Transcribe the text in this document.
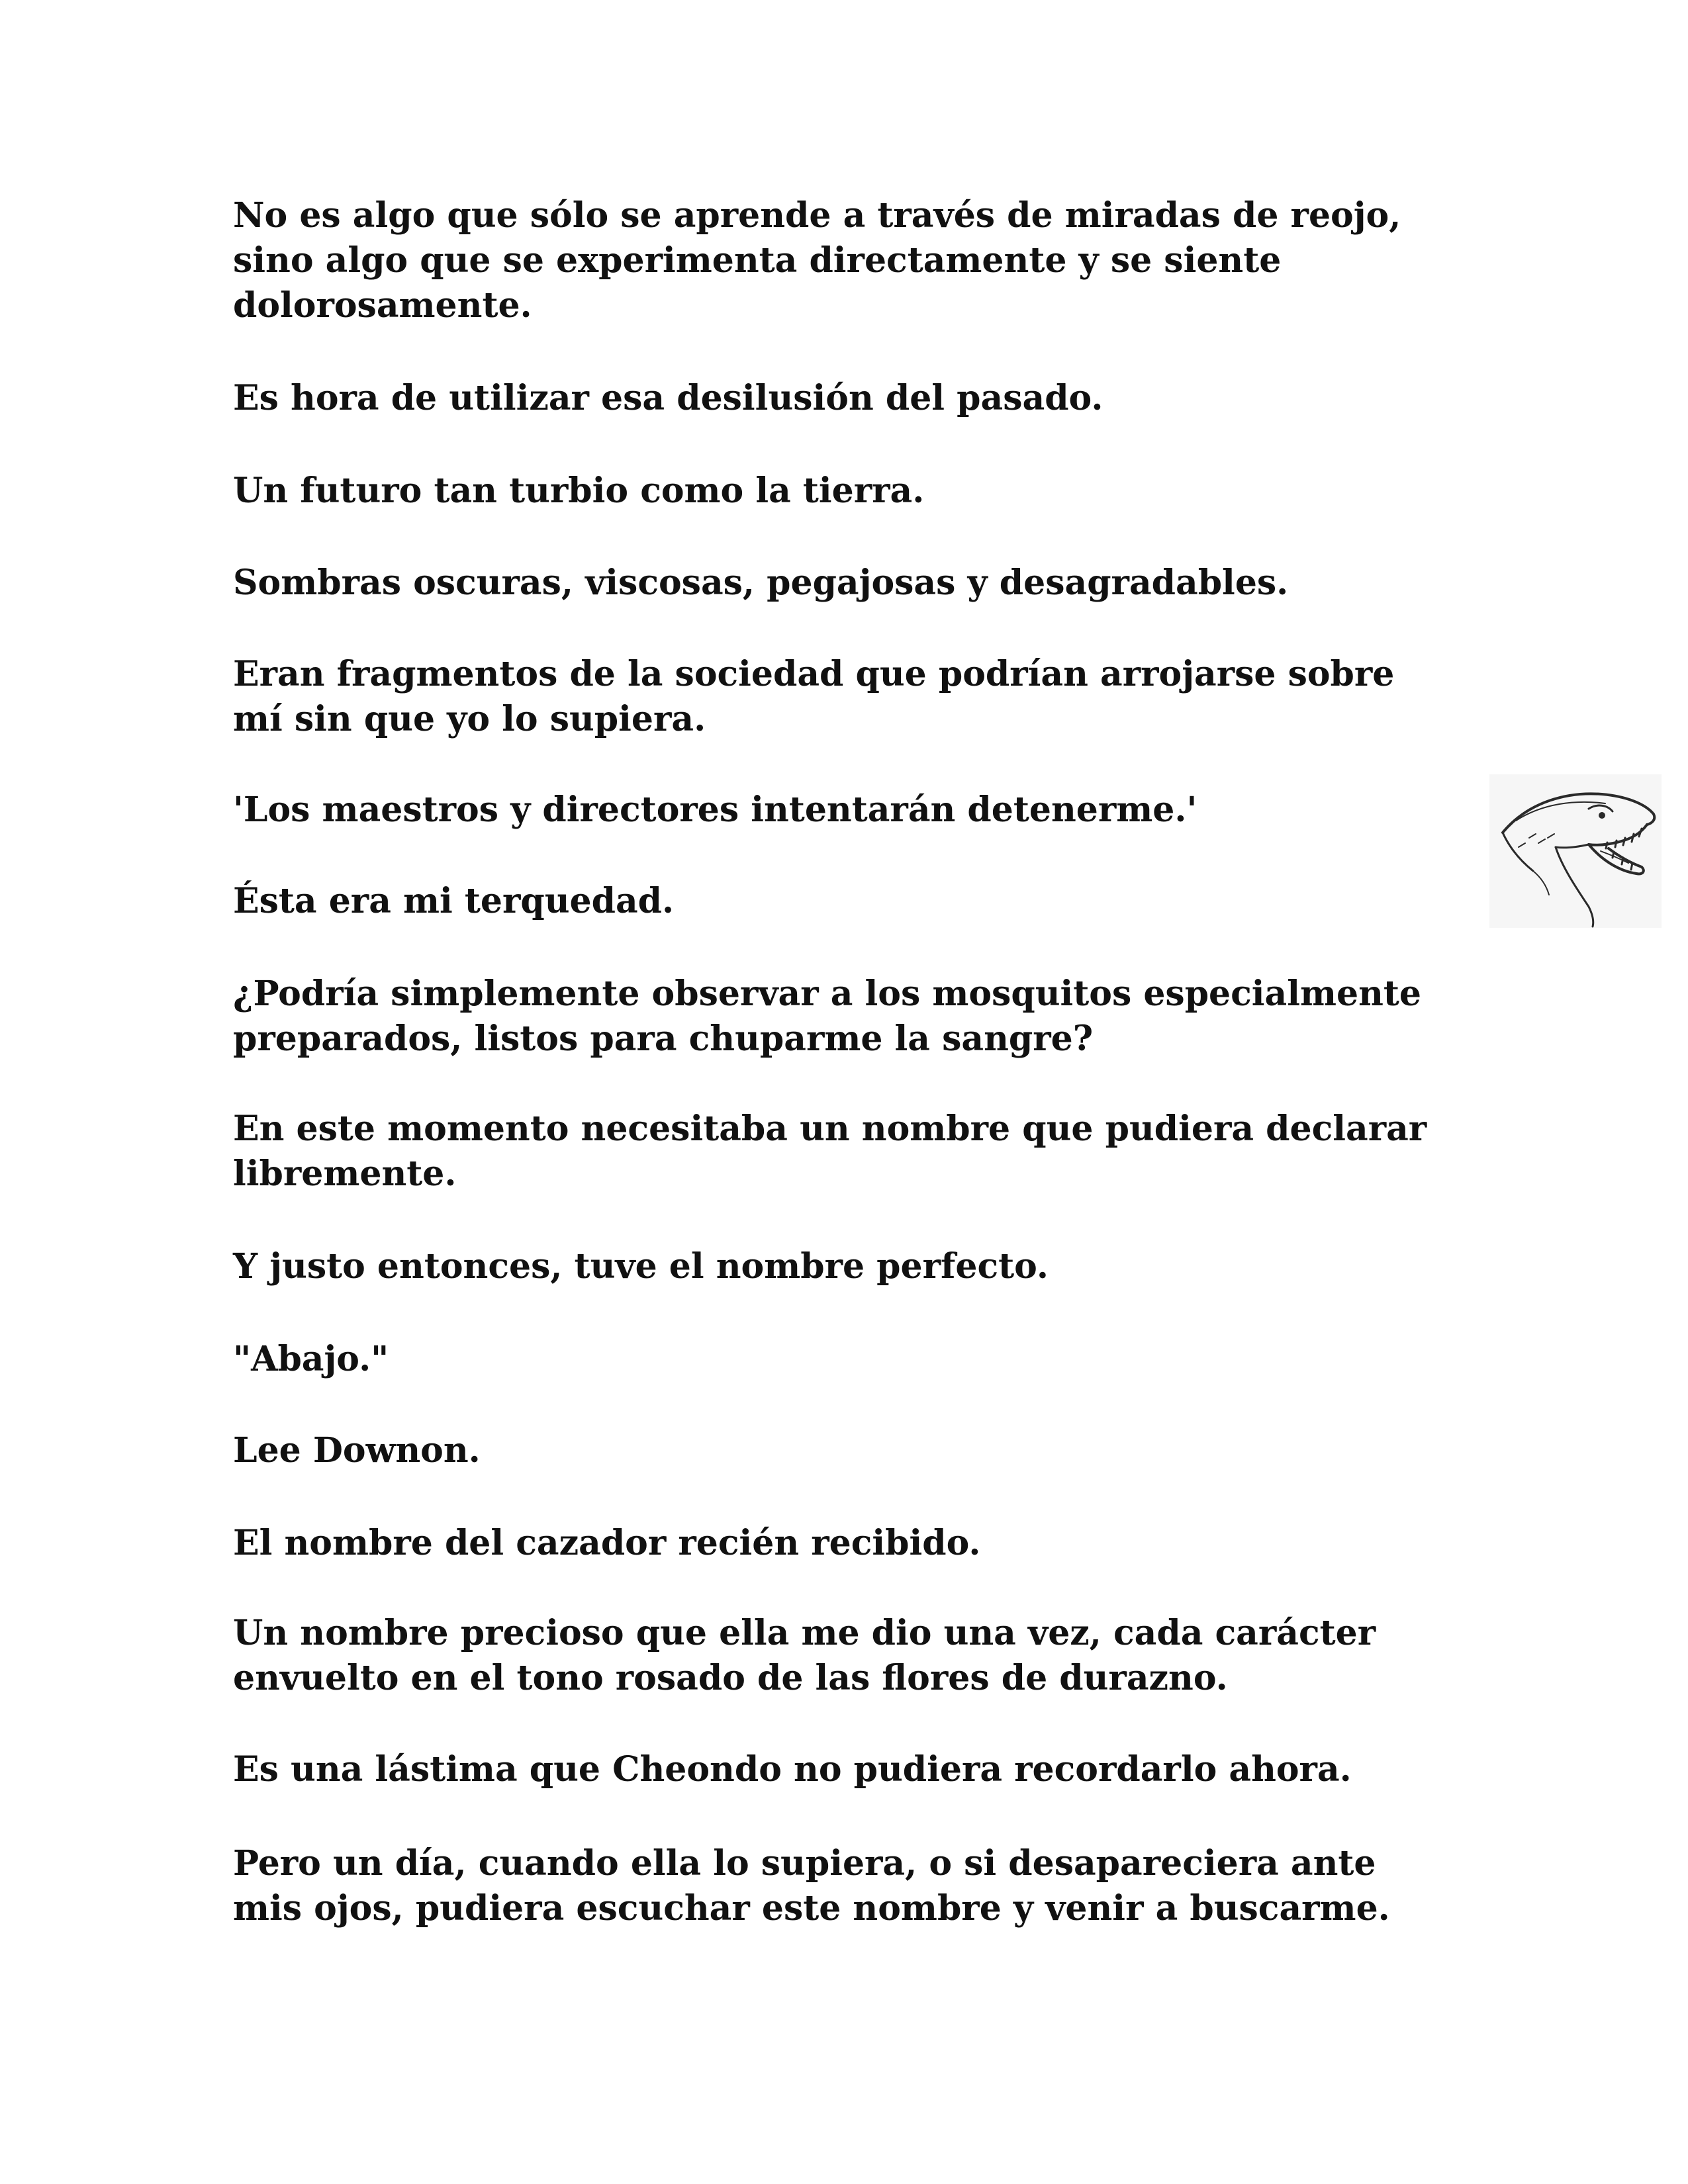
No es algo que sólo se aprende a través de miradas de reojo,
sino algo que se experimenta directamente y se siente
dolorosamente.

Es hora de utilizar esa desilusión del pasado.

Un futuro tan turbio como la tierra.

Sombras oscuras, viscosas, pegajosas y desagradables.

Eran fragmentos de la sociedad que podrían arrojarse sobre
mí sin que yo lo supiera.

'Los maestros y directores intentarán detenerme.'

Ésta era mi terquedad.

¿Podría simplemente observar a los mosquitos especialmente
preparados, listos para chuparme la sangre?

En este momento necesitaba un nombre que pudiera declarar
libremente.

Y justo entonces, tuve el nombre perfecto.

"Abajo."

Lee Downon.

El nombre del cazador recién recibido.

Un nombre precioso que ella me dio una vez, cada carácter
envuelto en el tono rosado de las flores de durazno.

Es una lástima que Cheondo no pudiera recordarlo ahora.

Pero un día, cuando ella lo supiera, o si desapareciera ante
mis ojos, pudiera escuchar este nombre y venir a buscarme.
